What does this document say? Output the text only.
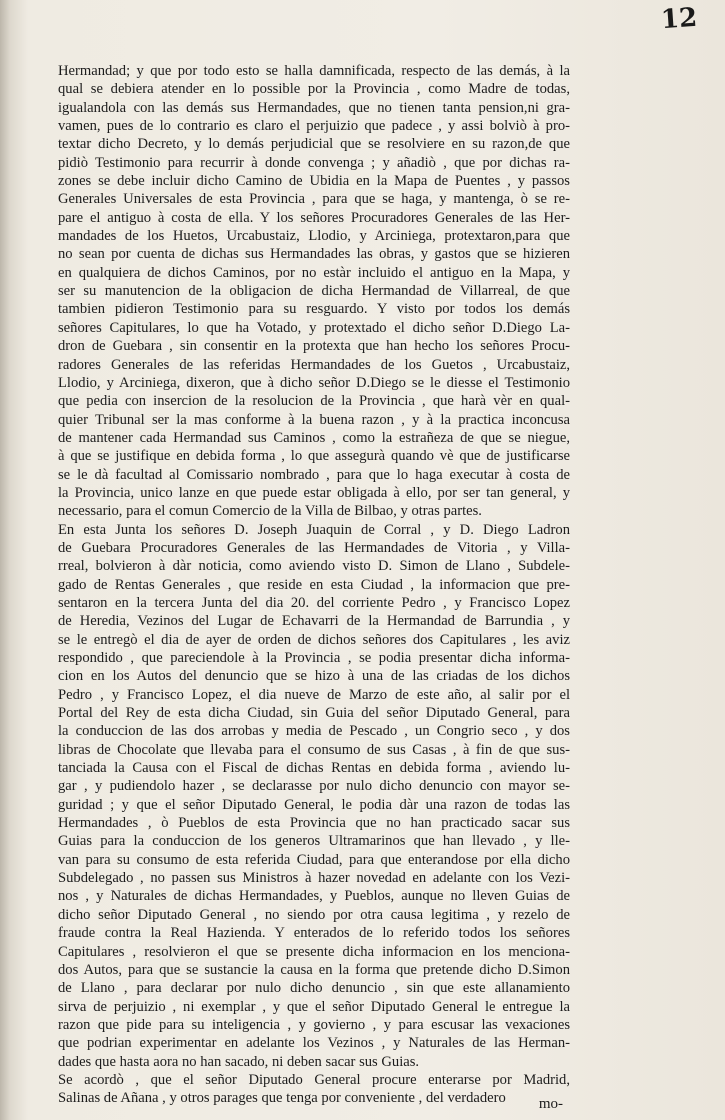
12
Hermandad; y que por todo esto se halla damnificada, respecto de las demás, à la
qual se debiera atender en lo possible por la Provincia , como Madre de todas,
igualandola con las demás sus Hermandades, que no tienen tanta pension,ni gra-
vamen, pues de lo contrario es claro el perjuizio que padece , y assi bolviò à pro-
textar dicho Decreto, y lo demás perjudicial que se resolviere en su razon,de que
pidiò Testimonio para recurrir à donde convenga ; y añadiò , que por dichas ra-
zones se debe incluir dicho Camino de Ubidia en la Mapa de Puentes , y passos
Generales Universales de esta Provincia , para que se haga, y mantenga, ò se re-
pare el antiguo à costa de ella. Y los señores Procuradores Generales de las Her-
mandades de los Huetos, Urcabustaiz, Llodio, y Arciniega, protextaron,para que
no sean por cuenta de dichas sus Hermandades las obras, y gastos que se hizieren
en qualquiera de dichos Caminos, por no estàr incluido el antiguo en la Mapa, y
ser su manutencion de la obligacion de dicha Hermandad de Villarreal, de que
tambien pidieron Testimonio para su resguardo. Y visto por todos los demás
señores Capitulares, lo que ha Votado, y protextado el dicho señor D.Diego La-
dron de Guebara , sin consentir en la protexta que han hecho los señores Procu-
radores Generales de las referidas Hermandades de los Guetos , Urcabustaiz,
Llodio, y Arciniega, dixeron, que à dicho señor D.Diego se le diesse el Testimonio
que pedia con insercion de la resolucion de la Provincia , que harà vèr en qual-
quier Tribunal ser la mas conforme à la buena razon , y à la practica inconcusa
de mantener cada Hermandad sus Caminos , como la estrañeza de que se niegue,
à que se justifique en debida forma , lo que assegurà quando vè que de justificarse
se le dà facultad al Comissario nombrado , para que lo haga executar à costa de
la Provincia, unico lanze en que puede estar obligada à ello, por ser tan general, y
necessario, para el comun Comercio de la Villa de Bilbao, y otras partes.
En esta Junta los señores D. Joseph Juaquin de Corral , y D. Diego Ladron
de Guebara Procuradores Generales de las Hermandades de Vitoria , y Villa-
rreal, bolvieron à dàr noticia, como aviendo visto D. Simon de Llano , Subdele-
gado de Rentas Generales , que reside en esta Ciudad , la informacion que pre-
sentaron en la tercera Junta del dia 20. del corriente Pedro , y Francisco Lopez
de Heredia, Vezinos del Lugar de Echavarri de la Hermandad de Barrundia , y
se le entregò el dia de ayer de orden de dichos señores dos Capitulares , les aviz
respondido , que pareciendole à la Provincia , se podia presentar dicha informa-
cion en los Autos del denuncio que se hizo à una de las criadas de los dichos
Pedro , y Francisco Lopez, el dia nueve de Marzo de este año, al salir por el
Portal del Rey de esta dicha Ciudad, sin Guia del señor Diputado General, para
la conduccion de las dos arrobas y media de Pescado , un Congrio seco , y dos
libras de Chocolate que llevaba para el consumo de sus Casas , à fin de que sus-
tanciada la Causa con el Fiscal de dichas Rentas en debida forma , aviendo lu-
gar , y pudiendolo hazer , se declarasse por nulo dicho denuncio con mayor se-
guridad ; y que el señor Diputado General, le podia dàr una razon de todas las
Hermandades , ò Pueblos de esta Provincia que no han practicado sacar sus
Guias para la conduccion de los generos Ultramarinos que han llevado , y lle-
van para su consumo de esta referida Ciudad, para que enterandose por ella dicho
Subdelegado , no passen sus Ministros à hazer novedad en adelante con los Vezi-
nos , y Naturales de dichas Hermandades, y Pueblos, aunque no lleven Guias de
dicho señor Diputado General , no siendo por otra causa legitima , y rezelo de
fraude contra la Real Hazienda. Y enterados de lo referido todos los señores
Capitulares , resolvieron el que se presente dicha informacion en los menciona-
dos Autos, para que se sustancie la causa en la forma que pretende dicho D.Simon
de Llano , para declarar por nulo dicho denuncio , sin que este allanamiento
sirva de perjuizio , ni exemplar , y que el señor Diputado General le entregue la
razon que pide para su inteligencia , y govierno , y para escusar las vexaciones
que podrian experimentar en adelante los Vezinos , y Naturales de las Herman-
dades que hasta aora no han sacado, ni deben sacar sus Guias.
Se acordò , que el señor Diputado General procure enterarse por Madrid,
Salinas de Añana , y otros parages que tenga por conveniente , del verdadero	mo-
